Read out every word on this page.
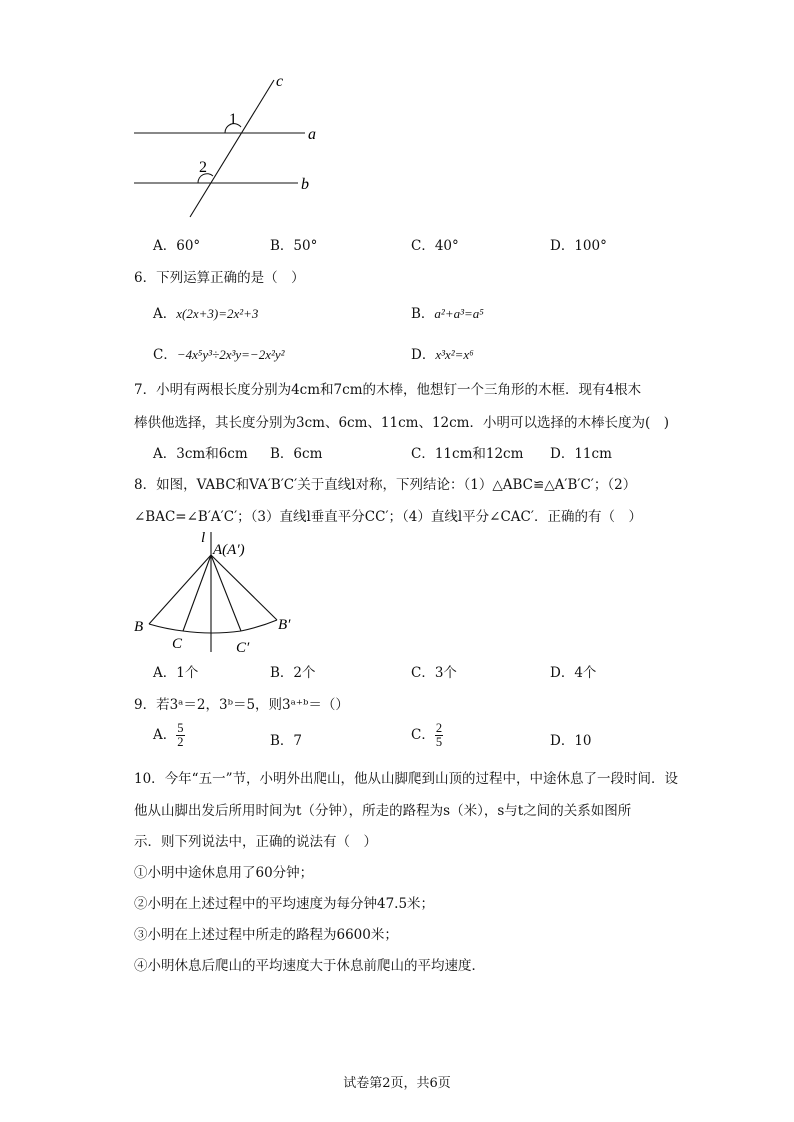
c
a
b
1
2
A．60°	B．50°	C．40°	D．100°
6．下列运算正确的是（　）
A．x(2x+3)=2x²+3	B．a²+a³=a⁵
C．−4x⁵y³÷2x³y=−2x²y²	D．x³x²=x⁶
7．小明有两根长度分别为4cm和7cm的木棒，他想钉一个三角形的木框．现有4根木
棒供他选择，其长度分别为3cm、6cm、11cm、12cm．小明可以选择的木棒长度为(　)
A．3cm和6cm B．6cm	C．11cm和12cm D．11cm
8．如图，VABC和VA′B′C′关于直线l对称，下列结论：（1）△ABC≌△A′B′C′；（2）
∠BAC=∠B′A′C′；（3）直线l垂直平分CC′；（4）直线l平分∠CAC′．正确的有（　）
l
A(A′)
B
C	C′
B′
A．1个	B．2个	C．3个	D．4个
9．若3ᵃ＝2，3ᵇ＝5，则3ᵃ⁺ᵇ＝（）
A． $\frac{5}{2}$	B．7	C． $\frac{2}{5}$	D．10
10．今年“五一”节，小明外出爬山，他从山脚爬到山顶的过程中，中途休息了一段时间．设
他从山脚出发后所用时间为t（分钟），所走的路程为s（米），s与t之间的关系如图所
示．则下列说法中，正确的说法有（　）
①小明中途休息用了60分钟；
②小明在上述过程中的平均速度为每分钟47.5米；
③小明在上述过程中所走的路程为6600米；
④小明休息后爬山的平均速度大于休息前爬山的平均速度．
试卷第2页，共6页
